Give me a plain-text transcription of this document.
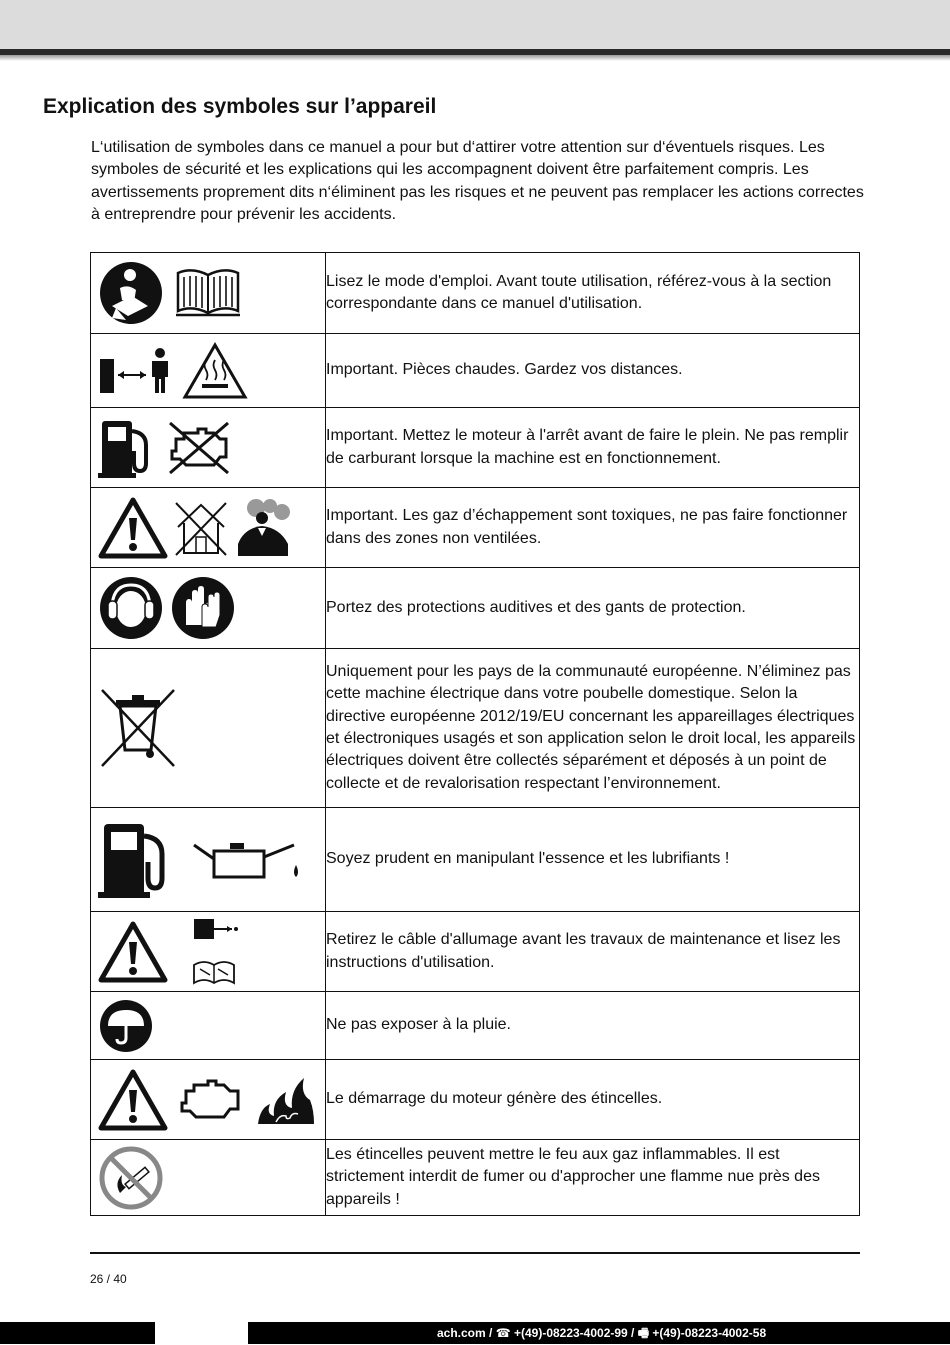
Explication des symboles sur l’appareil

L‘utilisation de symboles dans ce manuel a pour but d‘attirer votre attention sur d‘éventuels risques. Les symboles de sécurité et les explications qui les accompagnent doivent être parfaitement compris. Les avertissements proprement dits n‘éliminent pas les risques et ne peuvent pas remplacer les actions correctes à entreprendre pour prévenir les accidents.

	Lisez le mode d'emploi. Avant toute utilisation, référez-vous à la section correspondante dans ce manuel d'utilisation.

	Important. Pièces chaudes. Gardez vos distances.

	Important. Mettez le moteur à l'arrêt avant de faire le plein. Ne pas remplir de carburant lorsque la machine est en fonctionnement.

	Important. Les gaz d’échappement sont toxiques, ne pas faire fonctionner dans des zones non ventilées.

	Portez des protections auditives et des gants de protection.

	Uniquement pour les pays de la communauté européenne. N’éliminez pas cette machine électrique dans votre poubelle domestique. Selon la directive européenne 2012/19/EU concernant les appareillages électriques et électroniques usagés et son application selon le droit local, les appareils électriques doivent être collectés séparément et déposés à un point de collecte et de revalorisation respectant l’environnement.

	Soyez prudent en manipulant l'essence et les lubrifiants !

	Retirez le câble d'allumage avant les travaux de maintenance et lisez les instructions d'utilisation.

	Ne pas exposer à la pluie.

	Le démarrage du moteur génère des étincelles.

	Les étincelles peuvent mettre le feu aux gaz inflammables. Il est strictement interdit de fumer ou d'approcher une flamme nue près des appareils !
26 / 40
ach.com / ☎ +(49)-08223-4002-99 / 🖷 +(49)-08223-4002-58
